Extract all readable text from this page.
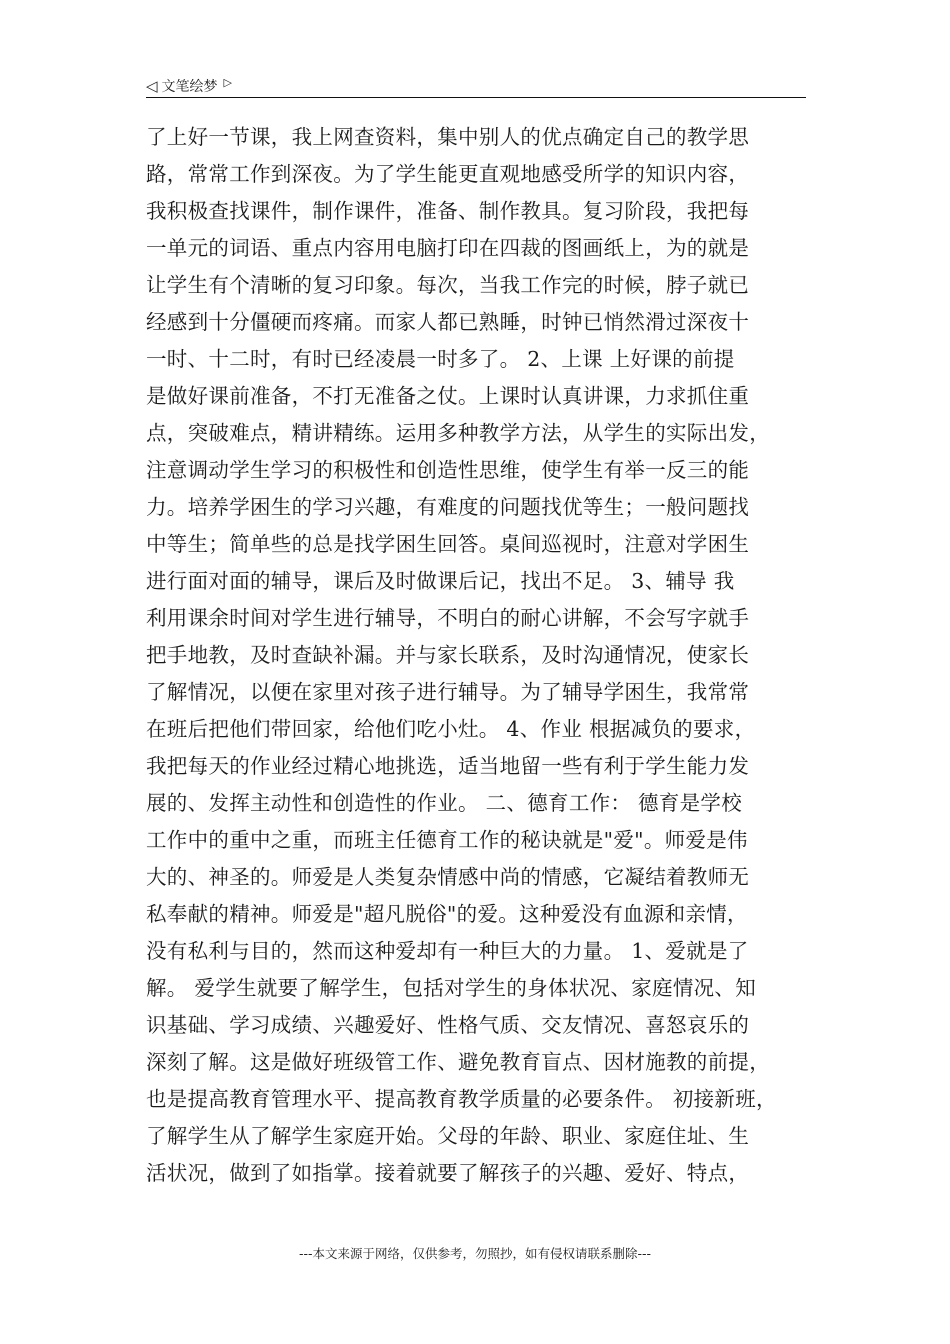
◁ 文笔绘梦 ▷
了上好一节课，我上网查资料，集中别人的优点确定自己的教学思
路，常常工作到深夜。为了学生能更直观地感受所学的知识内容，
我积极查找课件，制作课件，准备、制作教具。复习阶段，我把每
一单元的词语、重点内容用电脑打印在四裁的图画纸上，为的就是
让学生有个清晰的复习印象。每次，当我工作完的时候，脖子就已
经感到十分僵硬而疼痛。而家人都已熟睡，时钟已悄然滑过深夜十
一时、十二时，有时已经凌晨一时多了。 2、上课 上好课的前提
是做好课前准备，不打无准备之仗。上课时认真讲课，力求抓住重
点，突破难点，精讲精练。运用多种教学方法，从学生的实际出发，
注意调动学生学习的积极性和创造性思维，使学生有举一反三的能
力。培养学困生的学习兴趣，有难度的问题找优等生；一般问题找
中等生；简单些的总是找学困生回答。桌间巡视时，注意对学困生
进行面对面的辅导，课后及时做课后记，找出不足。 3、辅导 我
利用课余时间对学生进行辅导，不明白的耐心讲解，不会写字就手
把手地教，及时查缺补漏。并与家长联系，及时沟通情况，使家长
了解情况，以便在家里对孩子进行辅导。为了辅导学困生，我常常
在班后把他们带回家，给他们吃小灶。 4、作业 根据减负的要求，
我把每天的作业经过精心地挑选，适当地留一些有利于学生能力发
展的、发挥主动性和创造性的作业。 二、德育工作： 德育是学校
工作中的重中之重，而班主任德育工作的秘诀就是"爱"。师爱是伟
大的、神圣的。师爱是人类复杂情感中尚的情感，它凝结着教师无
私奉献的精神。师爱是"超凡脱俗"的爱。这种爱没有血源和亲情，
没有私利与目的，然而这种爱却有一种巨大的力量。 1、爱就是了
解。 爱学生就要了解学生，包括对学生的身体状况、家庭情况、知
识基础、学习成绩、兴趣爱好、性格气质、交友情况、喜怒哀乐的
深刻了解。这是做好班级管工作、避免教育盲点、因材施教的前提，
也是提高教育管理水平、提高教育教学质量的必要条件。 初接新班，
了解学生从了解学生家庭开始。父母的年龄、职业、家庭住址、生
活状况，做到了如指掌。接着就要了解孩子的兴趣、爱好、特点，
---本文来源于网络，仅供参考，勿照抄，如有侵权请联系删除---
